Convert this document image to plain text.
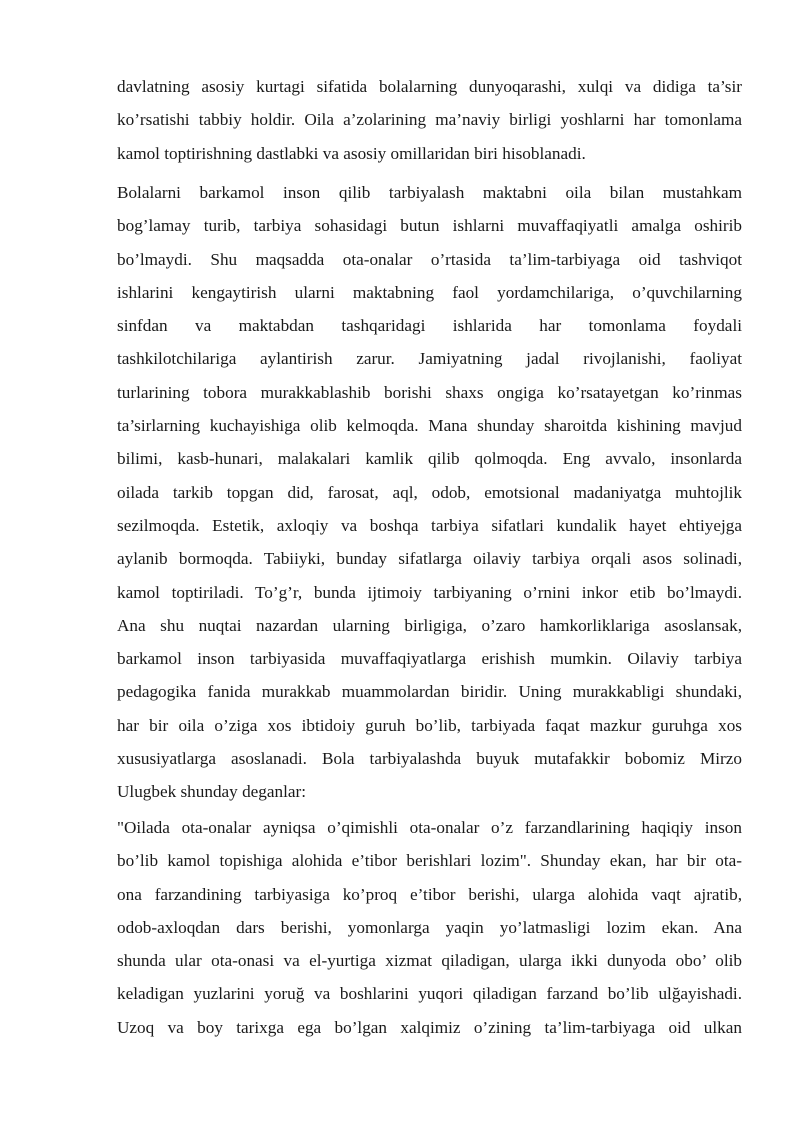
davlatning asosiy kurtagi sifatida bolalarning dunyoqarashi, xulqi va didiga ta’sir
ko’rsatishi tabbiy holdir. Oila a’zolarining ma’naviy birligi yoshlarni har tomonlama
kamol toptirishning dastlabki va asosiy omillaridan biri hisoblanadi.
Bolalarni barkamol inson qilib tarbiyalash maktabni oila bilan mustahkam
bog’lamay turib, tarbiya sohasidagi butun ishlarni muvaffaqiyatli amalga oshirib
bo’lmaydi. Shu maqsadda ota-onalar o’rtasida ta’lim-tarbiyaga oid tashviqot
ishlarini kengaytirish ularni maktabning faol yordamchilariga, o’quvchilarning
sinfdan va maktabdan tashqaridagi ishlarida har tomonlama foydali
tashkilotchilariga aylantirish zarur. Jamiyatning jadal rivojlanishi, faoliyat
turlarining tobora murakkablashib borishi shaxs ongiga ko’rsatayetgan ko’rinmas
ta’sirlarning kuchayishiga olib kelmoqda. Mana shunday sharoitda kishining mavjud
bilimi, kasb-hunari, malakalari kamlik qilib qolmoqda. Eng avvalo, insonlarda
oilada tarkib topgan did, farosat, aql, odob, emotsional madaniyatga muhtojlik
sezilmoqda. Estetik, axloqiy va boshqa tarbiya sifatlari kundalik hayet ehtiyejga
aylanib bormoqda. Tabiiyki, bunday sifatlarga oilaviy tarbiya orqali asos solinadi,
kamol toptiriladi. To’g’r, bunda ijtimoiy tarbiyaning o’rnini inkor etib bo’lmaydi.
Ana shu nuqtai nazardan ularning birligiga, o’zaro hamkorliklariga asoslansak,
barkamol inson tarbiyasida muvaffaqiyatlarga erishish mumkin. Oilaviy tarbiya
pedagogika fanida murakkab muammolardan biridir. Uning murakkabligi shundaki,
har bir oila o’ziga xos ibtidoiy guruh bo’lib, tarbiyada faqat mazkur guruhga xos
xususiyatlarga asoslanadi. Bola tarbiyalashda buyuk mutafakkir bobomiz Mirzo
Ulugbek shunday deganlar:
"Oilada ota-onalar ayniqsa o’qimishli ota-onalar o’z farzandlarining haqiqiy inson
bo’lib kamol topishiga alohida e’tibor berishlari lozim". Shunday ekan, har bir ota-
ona farzandining tarbiyasiga ko’proq e’tibor berishi, ularga alohida vaqt ajratib,
odob-axloqdan dars berishi, yomonlarga yaqin yo’latmasligi lozim ekan. Ana
shunda ular ota-onasi va el-yurtiga xizmat qiladigan, ularga ikki dunyoda obo’ olib
keladigan yuzlarini yoruğ va boshlarini yuqori qiladigan farzand bo’lib ulğayishadi.
Uzoq va boy tarixga ega bo’lgan xalqimiz o’zining ta’lim-tarbiyaga oid ulkan
